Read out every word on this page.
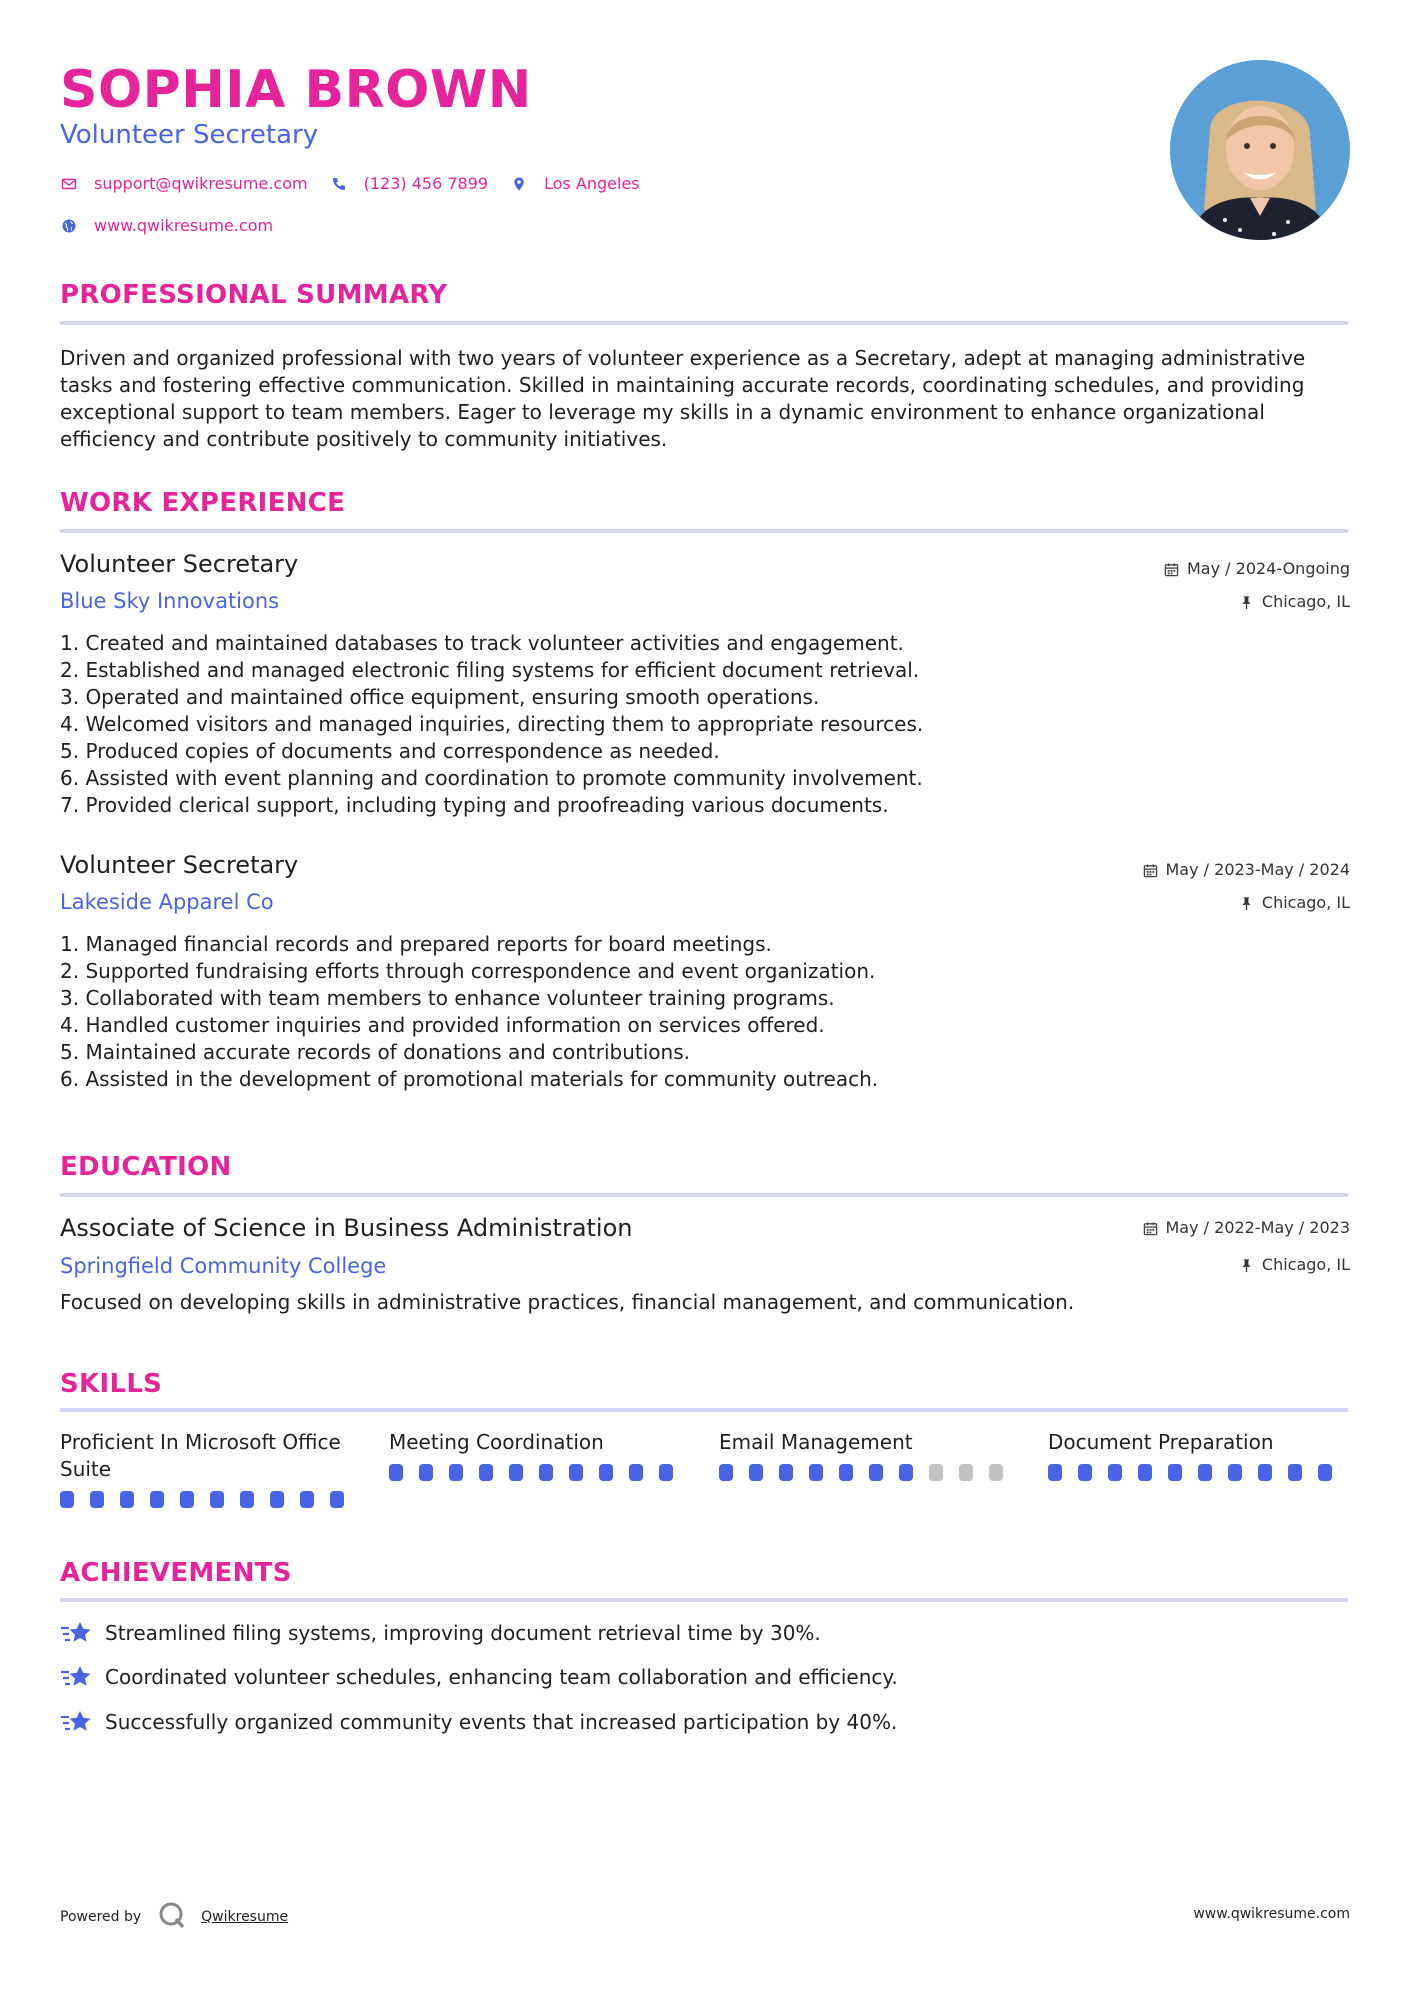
SOPHIA BROWN
Volunteer Secretary
support@qwikresume.com	(123) 456 7899	Los Angeles
www.qwikresume.com
PROFESSIONAL SUMMARY
Driven and organized professional with two years of volunteer experience as a Secretary, adept at managing administrative tasks and fostering effective communication. Skilled in maintaining accurate records, coordinating schedules, and providing exceptional support to team members. Eager to leverage my skills in a dynamic environment to enhance organizational efficiency and contribute positively to community initiatives.
WORK EXPERIENCE
Volunteer Secretary
Blue Sky Innovations
May / 2024-Ongoing
Chicago, IL
1. Created and maintained databases to track volunteer activities and engagement.
2. Established and managed electronic filing systems for efficient document retrieval.
3. Operated and maintained office equipment, ensuring smooth operations.
4. Welcomed visitors and managed inquiries, directing them to appropriate resources.
5. Produced copies of documents and correspondence as needed.
6. Assisted with event planning and coordination to promote community involvement.
7. Provided clerical support, including typing and proofreading various documents.
Volunteer Secretary
Lakeside Apparel Co
May / 2023-May / 2024
Chicago, IL
1. Managed financial records and prepared reports for board meetings.
2. Supported fundraising efforts through correspondence and event organization.
3. Collaborated with team members to enhance volunteer training programs.
4. Handled customer inquiries and provided information on services offered.
5. Maintained accurate records of donations and contributions.
6. Assisted in the development of promotional materials for community outreach.
EDUCATION
Associate of Science in Business Administration
Springfield Community College
May / 2022-May / 2023
Chicago, IL
Focused on developing skills in administrative practices, financial management, and communication.
SKILLS
Proficient In Microsoft Office Suite
Meeting Coordination	Email Management	Document Preparation
ACHIEVEMENTS
Streamlined filing systems, improving document retrieval time by 30%.
Coordinated volunteer schedules, enhancing team collaboration and efficiency.
Successfully organized community events that increased participation by 40%.
Powered by	Qwikresume	www.qwikresume.com
